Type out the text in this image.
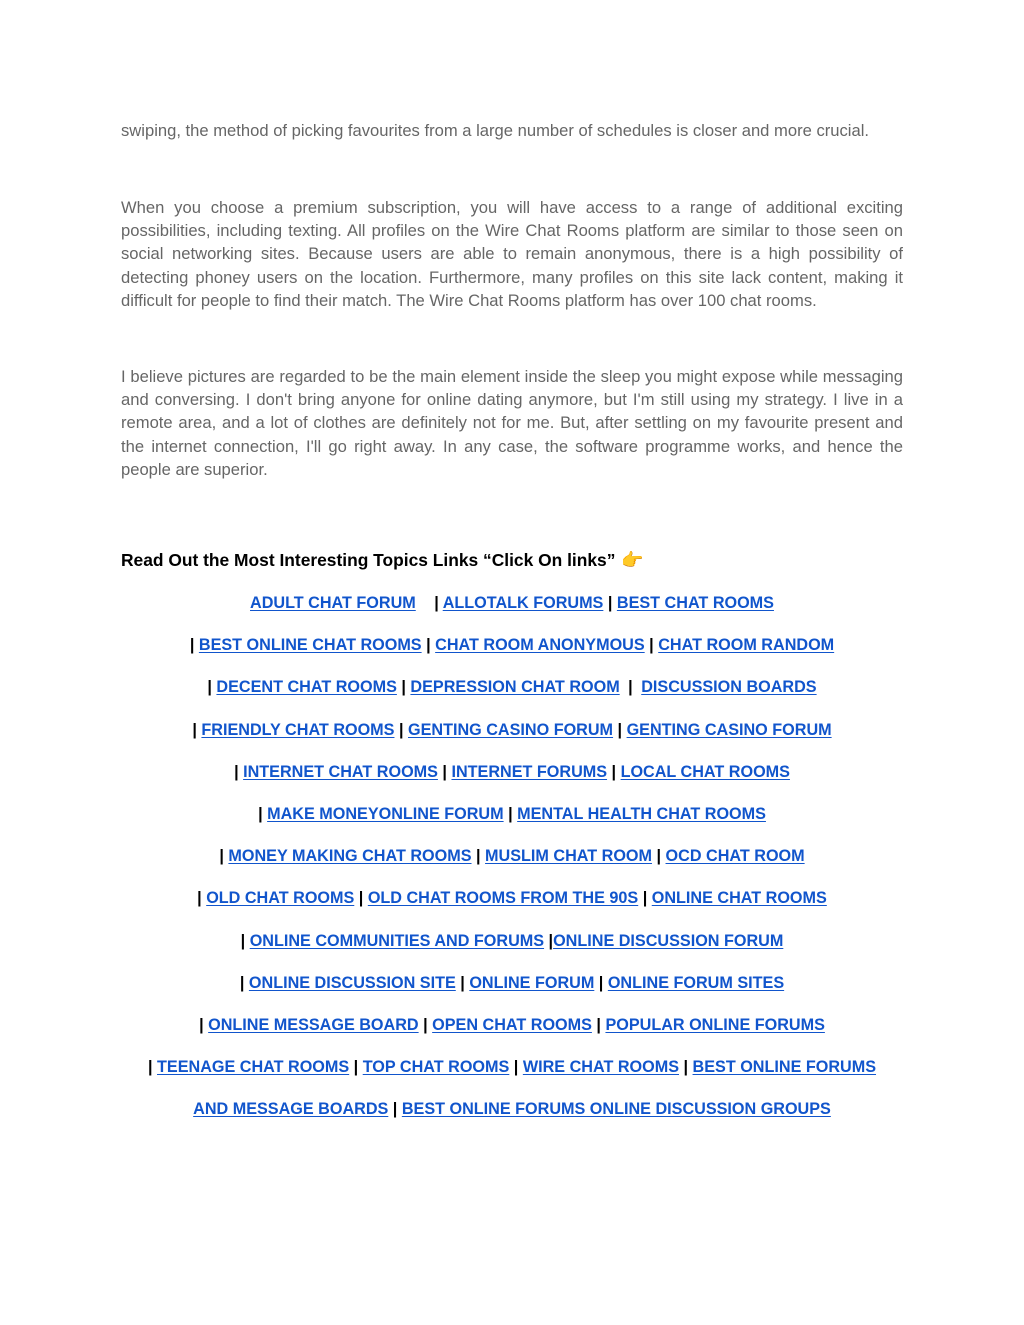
swiping, the method of picking favourites from a large number of schedules is closer and more crucial.

When you choose a premium subscription, you will have access to a range of additional exciting possibilities, including texting. All profiles on the Wire Chat Rooms platform are similar to those seen on social networking sites. Because users are able to remain anonymous, there is a high possibility of detecting phoney users on the location. Furthermore, many profiles on this site lack content, making it difficult for people to find their match. The Wire Chat Rooms platform has over 100 chat rooms.

I believe pictures are regarded to be the main element inside the sleep you might expose while messaging and conversing. I don't bring anyone for online dating anymore, but I'm still using my strategy. I live in a remote area, and a lot of clothes are definitely not for me. But, after settling on my favourite present and the internet connection, I'll go right away. In any case, the software programme works, and hence the people are superior.

Read Out the Most Interesting Topics Links “Click On links” 👉
ADULT CHAT FORUM | ALLOTALK FORUMS | BEST CHAT ROOMS
| BEST ONLINE CHAT ROOMS | CHAT ROOM ANONYMOUS | CHAT ROOM RANDOM
| DECENT CHAT ROOMS | DEPRESSION CHAT ROOM | DISCUSSION BOARDS
| FRIENDLY CHAT ROOMS | GENTING CASINO FORUM | GENTING CASINO FORUM
| INTERNET CHAT ROOMS | INTERNET FORUMS | LOCAL CHAT ROOMS
| MAKE MONEYONLINE FORUM | MENTAL HEALTH CHAT ROOMS
| MONEY MAKING CHAT ROOMS | MUSLIM CHAT ROOM | OCD CHAT ROOM
| OLD CHAT ROOMS | OLD CHAT ROOMS FROM THE 90S | ONLINE CHAT ROOMS
| ONLINE COMMUNITIES AND FORUMS |ONLINE DISCUSSION FORUM
| ONLINE DISCUSSION SITE | ONLINE FORUM | ONLINE FORUM SITES
| ONLINE MESSAGE BOARD | OPEN CHAT ROOMS | POPULAR ONLINE FORUMS
| TEENAGE CHAT ROOMS | TOP CHAT ROOMS | WIRE CHAT ROOMS | BEST ONLINE FORUMS
AND MESSAGE BOARDS | BEST ONLINE FORUMS ONLINE DISCUSSION GROUPS
